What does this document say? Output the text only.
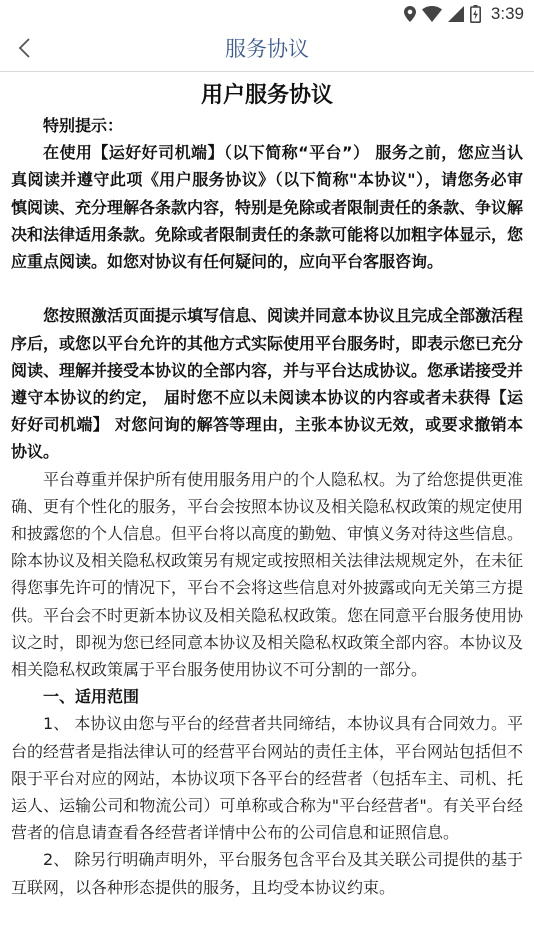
3:39
服务协议
用户服务协议

特别提示：

在使用【运好好司机端】（以下简称“平台”） 服务之前，您应当认真阅读并遵守此项《用户服务协议》（以下简称"本协议"），请您务必审慎阅读、充分理解各条款内容，特别是免除或者限制责任的条款、争议解决和法律适用条款。免除或者限制责任的条款可能将以加粗字体显示，您应重点阅读。如您对协议有任何疑问的，应向平台客服咨询。

您按照激活页面提示填写信息、阅读并同意本协议且完成全部激活程序后，或您以平台允许的其他方式实际使用平台服务时，即表示您已充分阅读、理解并接受本协议的全部内容，并与平台达成协议。您承诺接受并遵守本协议的约定， 届时您不应以未阅读本协议的内容或者未获得【运好好司机端】 对您问询的解答等理由，主张本协议无效，或要求撤销本协议。

平台尊重并保护所有使用服务用户的个人隐私权。为了给您提供更准确、更有个性化的服务，平台会按照本协议及相关隐私权政策的规定使用和披露您的个人信息。但平台将以高度的勤勉、审慎义务对待这些信息。除本协议及相关隐私权政策另有规定或按照相关法律法规规定外，在未征得您事先许可的情况下，平台不会将这些信息对外披露或向无关第三方提供。平台会不时更新本协议及相关隐私权政策。您在同意平台服务使用协议之时，即视为您已经同意本协议及相关隐私权政策全部内容。本协议及相关隐私权政策属于平台服务使用协议不可分割的一部分。

一、适用范围

1、 本协议由您与平台的经营者共同缔结，本协议具有合同效力。平台的经营者是指法律认可的经营平台网站的责任主体，平台网站包括但不限于平台对应的网站，本协议项下各平台的经营者（包括车主、司机、托运人、运输公司和物流公司）可单称或合称为"平台经营者"。有关平台经营者的信息请查看各经营者详情中公布的公司信息和证照信息。

2、 除另行明确声明外，平台服务包含平台及其关联公司提供的基于互联网，以各种形态提供的服务，且均受本协议约束。
